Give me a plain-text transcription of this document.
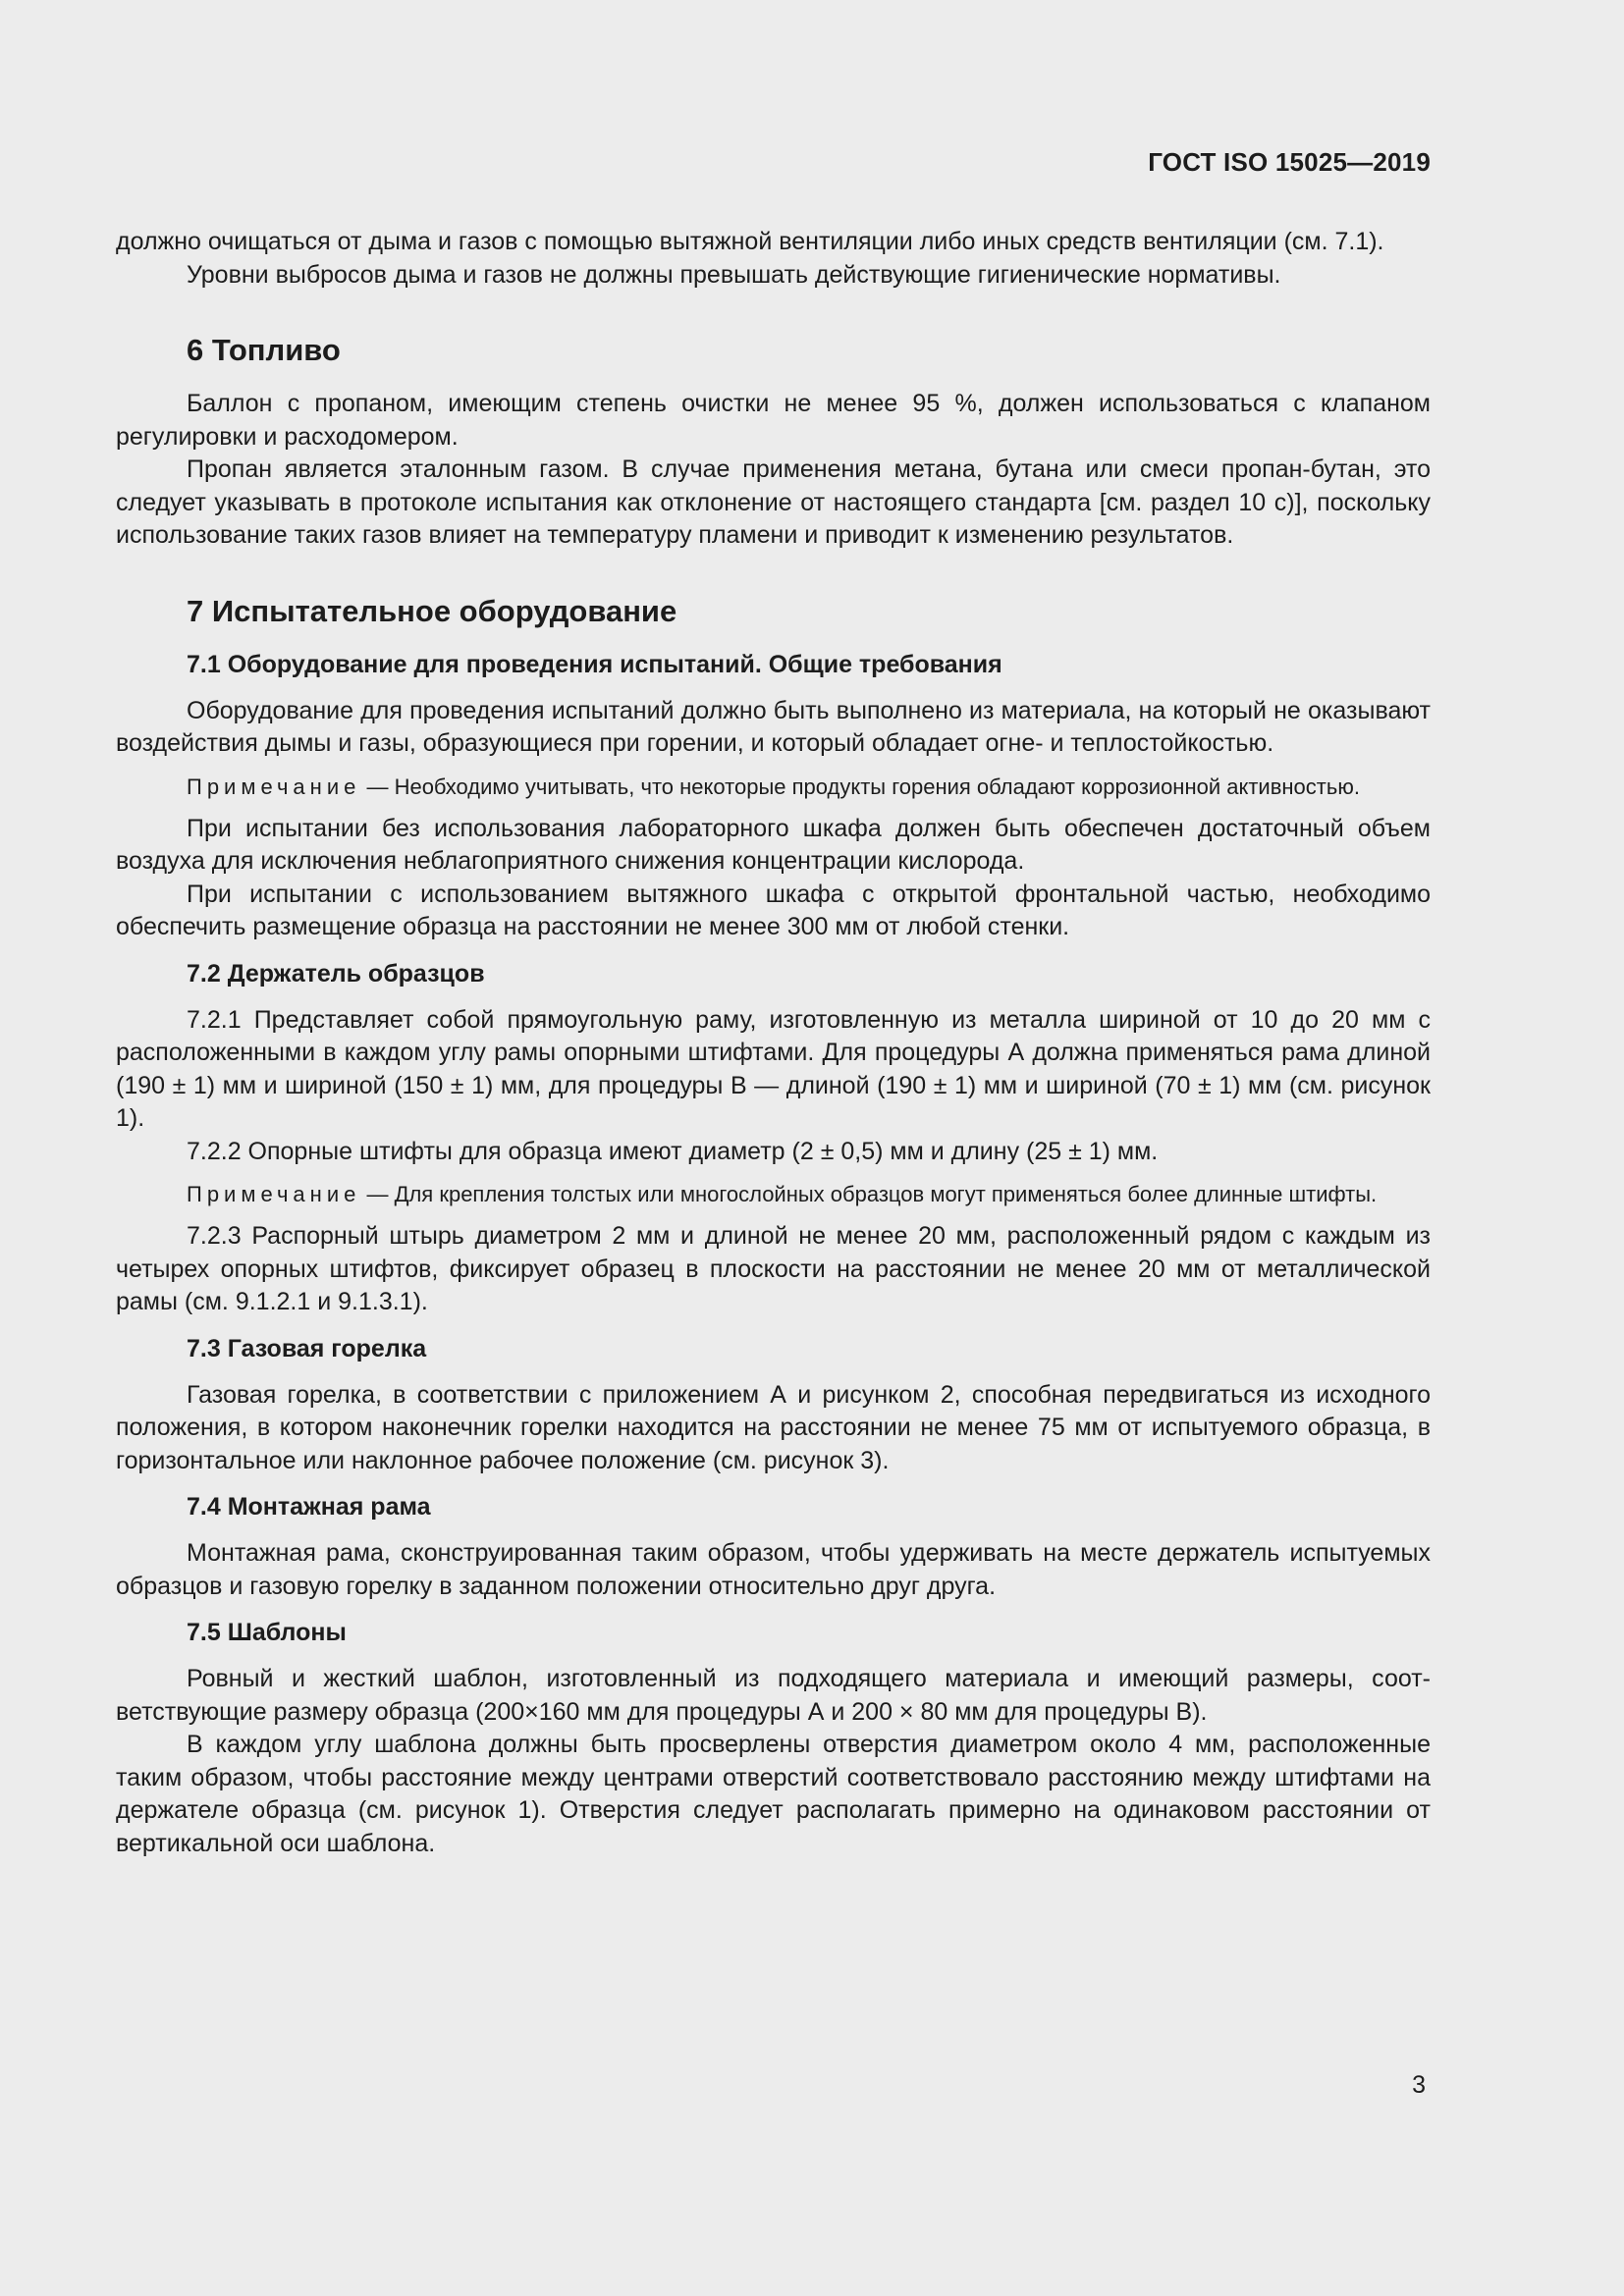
ГОСТ ISO 15025—2019

должно очищаться от дыма и газов с помощью вытяжной вентиляции либо иных средств вентиляции (см. 7.1).

Уровни выбросов дыма и газов не должны превышать действующие гигиенические нормативы.

6 Топливо

Баллон с пропаном, имеющим степень очистки не менее 95 %, должен использоваться с клапаном регулировки и расходомером.

Пропан является эталонным газом. В случае применения метана, бутана или смеси пропан-бутан, это следует указывать в протоколе испытания как отклонение от настоящего стандарта [см. раздел 10 c)], поскольку использование таких газов влияет на температуру пламени и приводит к изменению результатов.

7 Испытательное оборудование
7.1 Оборудование для проведения испытаний. Общие требования

Оборудование для проведения испытаний должно быть выполнено из материала, на который не оказывают воздействия дымы и газы, образующиеся при горении, и который обладает огне- и теплостойкостью.

Примечание — Необходимо учитывать, что некоторые продукты горения обладают коррозионной активностью.

При испытании без использования лабораторного шкафа должен быть обеспечен достаточный объем воздуха для исключения неблагоприятного снижения концентрации кислорода.

При испытании с использованием вытяжного шкафа с открытой фронтальной частью, необходимо обеспечить размещение образца на расстоянии не менее 300 мм от любой стенки.

7.2 Держатель образцов

7.2.1 Представляет собой прямоугольную раму, изготовленную из металла шириной от 10 до 20 мм с расположенными в каждом углу рамы опорными штифтами. Для процедуры А должна применяться рама длиной (190 ± 1) мм и шириной (150 ± 1) мм, для процедуры В — длиной (190 ± 1) мм и шириной (70 ± 1) мм (см. рисунок 1).

7.2.2 Опорные штифты для образца имеют диаметр (2 ± 0,5) мм и длину (25 ± 1) мм.

Примечание — Для крепления толстых или многослойных образцов могут применяться более длинные штифты.

7.2.3 Распорный штырь диаметром 2 мм и длиной не менее 20 мм, расположенный рядом с каждым из четырех опорных штифтов, фиксирует образец в плоскости на расстоянии не менее 20 мм от металлической рамы (см. 9.1.2.1 и 9.1.3.1).

7.3 Газовая горелка

Газовая горелка, в соответствии с приложением А и рисунком 2, способная передвигаться из исходного положения, в котором наконечник горелки находится на расстоянии не менее 75 мм от испытуемого образца, в горизонтальное или наклонное рабочее положение (см. рисунок 3).

7.4 Монтажная рама

Монтажная рама, сконструированная таким образом, чтобы удерживать на месте держатель испытуемых образцов и газовую горелку в заданном положении относительно друг друга.

7.5 Шаблоны

Ровный и жесткий шаблон, изготовленный из подходящего материала и имеющий размеры, соответствующие размеру образца (200×160 мм для процедуры А и 200 × 80 мм для процедуры В).

В каждом углу шаблона должны быть просверлены отверстия диаметром около 4 мм, расположенные таким образом, чтобы расстояние между центрами отверстий соответствовало расстоянию между штифтами на держателе образца (см. рисунок 1). Отверстия следует располагать примерно на одинаковом расстоянии от вертикальной оси шаблона.

3
